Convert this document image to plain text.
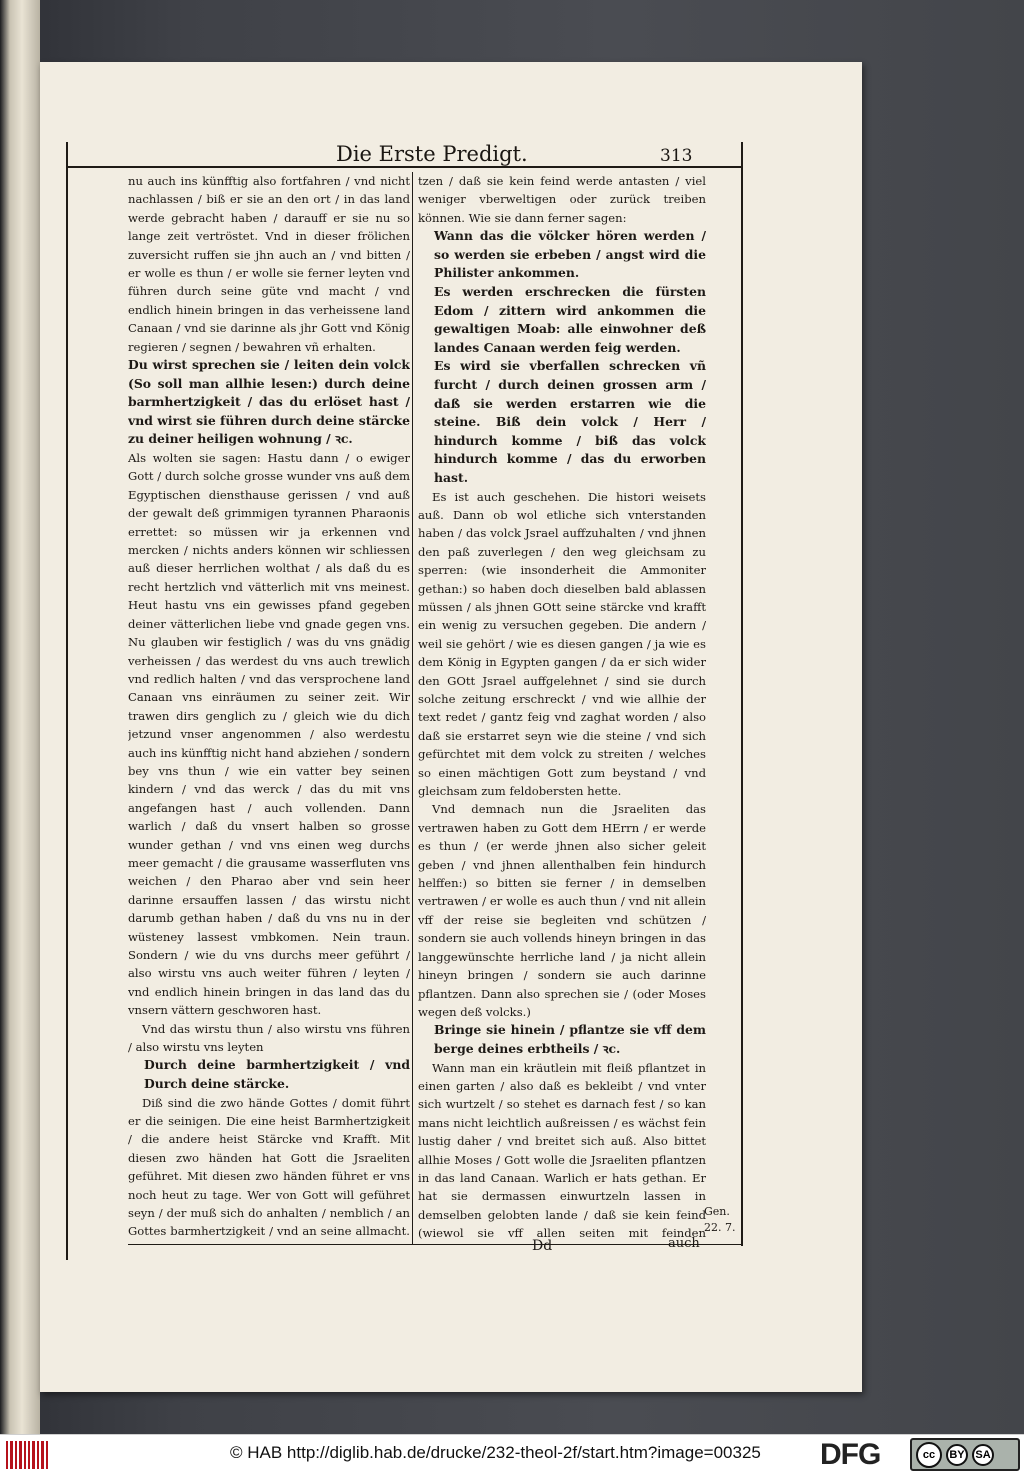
Die Erste Predigt.	313

nu auch ins künfftig also fortfahren / vnd nicht nachlassen / biß er sie an den ort / in das land werde gebracht haben / darauff er sie nu so lange zeit vertröstet. Vnd in dieser frölichen zuversicht ruffen sie jhn auch an / vnd bitten / er wolle es thun / er wolle sie ferner leyten vnd führen durch seine güte vnd macht / vnd endlich hinein bringen in das verheissene land Canaan / vnd sie darinne als jhr Gott vnd König regieren / segnen / bewahren vñ erhalten.

Du wirst sprechen sie / leiten dein volck (So soll man allhie lesen:) durch deine barmhertzigkeit / das du erlöset hast / vnd wirst sie führen durch deine stärcke zu deiner heiligen wohnung / ꝛc.

Als wolten sie sagen: Hastu dann / o ewiger Gott / durch solche grosse wunder vns auß dem Egyptischen diensthause gerissen / vnd auß der gewalt deß grimmigen tyrannen Pharaonis errettet: so müssen wir ja erkennen vnd mercken / nichts anders können wir schliessen auß dieser herrlichen wolthat / als daß du es recht hertzlich vnd vätterlich mit vns meinest. Heut hastu vns ein gewisses pfand gegeben deiner vätterlichen liebe vnd gnade gegen vns. Nu glauben wir festiglich / was du vns gnädig verheissen / das werdest du vns auch trewlich vnd redlich halten / vnd das versprochene land Canaan vns einräumen zu seiner zeit. Wir trawen dirs genglich zu / gleich wie du dich jetzund vnser angenommen / also werdestu auch ins künfftig nicht hand abziehen / sondern bey vns thun / wie ein vatter bey seinen kindern / vnd das werck / das du mit vns angefangen hast / auch vollenden. Dann warlich / daß du vnsert halben so grosse wunder gethan / vnd vns einen weg durchs meer gemacht / die grausame wasserfluten vns weichen / den Pharao aber vnd sein heer darinne ersauffen lassen / das wirstu nicht darumb gethan haben / daß du vns nu in der wüsteney lassest vmbkomen. Nein traun. Sondern / wie du vns durchs meer geführt / also wirstu vns auch weiter führen / leyten / vnd endlich hinein bringen in das land das du vnsern vättern geschworen hast.

Vnd das wirstu thun / also wirstu vns führen / also wirstu vns leyten

Durch deine barmhertzigkeit / vnd Durch deine stärcke.

Diß sind die zwo hände Gottes / domit führt er die seinigen. Die eine heist Barmhertzigkeit / die andere heist Stärcke vnd Krafft. Mit diesen zwo händen hat Gott die Jsraeliten geführet. Mit diesen zwo händen führet er vns noch heut zu tage. Wer von Gott will geführet seyn / der muß sich do anhalten / nemblich / an Gottes barmhertzigkeit / vnd an seine allmacht.

tzen / daß sie kein feind werde antasten / viel weniger vberweltigen oder zurück treiben können. Wie sie dann ferner sagen:

Wann das die völcker hören werden / so werden sie erbeben / angst wird die Philister ankommen.

Es werden erschrecken die fürsten Edom / zittern wird ankommen die gewaltigen Moab: alle einwohner deß landes Canaan werden feig werden.

Es wird sie vberfallen schrecken vñ furcht / durch deinen grossen arm / daß sie werden erstarren wie die steine. Biß dein volck / Herr / hindurch komme / biß das volck hindurch komme / das du erworben hast.

Es ist auch geschehen. Die histori weisets auß. Dann ob wol etliche sich vnterstanden haben / das volck Jsrael auffzuhalten / vnd jhnen den paß zuverlegen / den weg gleichsam zu sperren: (wie insonderheit die Ammoniter gethan:) so haben doch dieselben bald ablassen müssen / als jhnen GOtt seine stärcke vnd krafft ein wenig zu versuchen gegeben. Die andern / weil sie gehört / wie es diesen gangen / ja wie es dem König in Egypten gangen / da er sich wider den GOtt Jsrael auffgelehnet / sind sie durch solche zeitung erschreckt / vnd wie allhie der text redet / gantz feig vnd zaghat worden / also daß sie erstarret seyn wie die steine / vnd sich gefürchtet mit dem volck zu streiten / welches so einen mächtigen Gott zum beystand / vnd gleichsam zum feldobersten hette.

Vnd demnach nun die Jsraeliten das vertrawen haben zu Gott dem HErrn / er werde es thun / (er werde jhnen also sicher geleit geben / vnd jhnen allenthalben fein hindurch helffen:) so bitten sie ferner / in demselben vertrawen / er wolle es auch thun / vnd nit allein vff der reise sie begleiten vnd schützen / sondern sie auch vollends hineyn bringen in das langgewünschte herrliche land / ja nicht allein hineyn bringen / sondern sie auch darinne pflantzen. Dann also sprechen sie / (oder Moses wegen deß volcks.)

Bringe sie hinein / pflantze sie vff dem berge deines erbtheils / ꝛc.

Wann man ein kräutlein mit fleiß pflantzet in einen garten / also daß es bekleibt / vnd vnter sich wurtzelt / so stehet es darnach fest / so kan mans nicht leichtlich außreissen / es wächst fein lustig daher / vnd breitet sich auß. Also bittet allhie Moses / Gott wolle die Jsraeliten pflantzen in das land Canaan. Warlich er hats gethan. Er hat sie dermassen einwurtzeln lassen in demselben gelobten lande / daß sie kein feind (wiewol sie vff allen seiten mit feinden

Gen. 22. 7.
Dd	auch
© HAB http://diglib.hab.de/drucke/232-theol-2f/start.htm?image=00325 DFG	cc	BY SA
